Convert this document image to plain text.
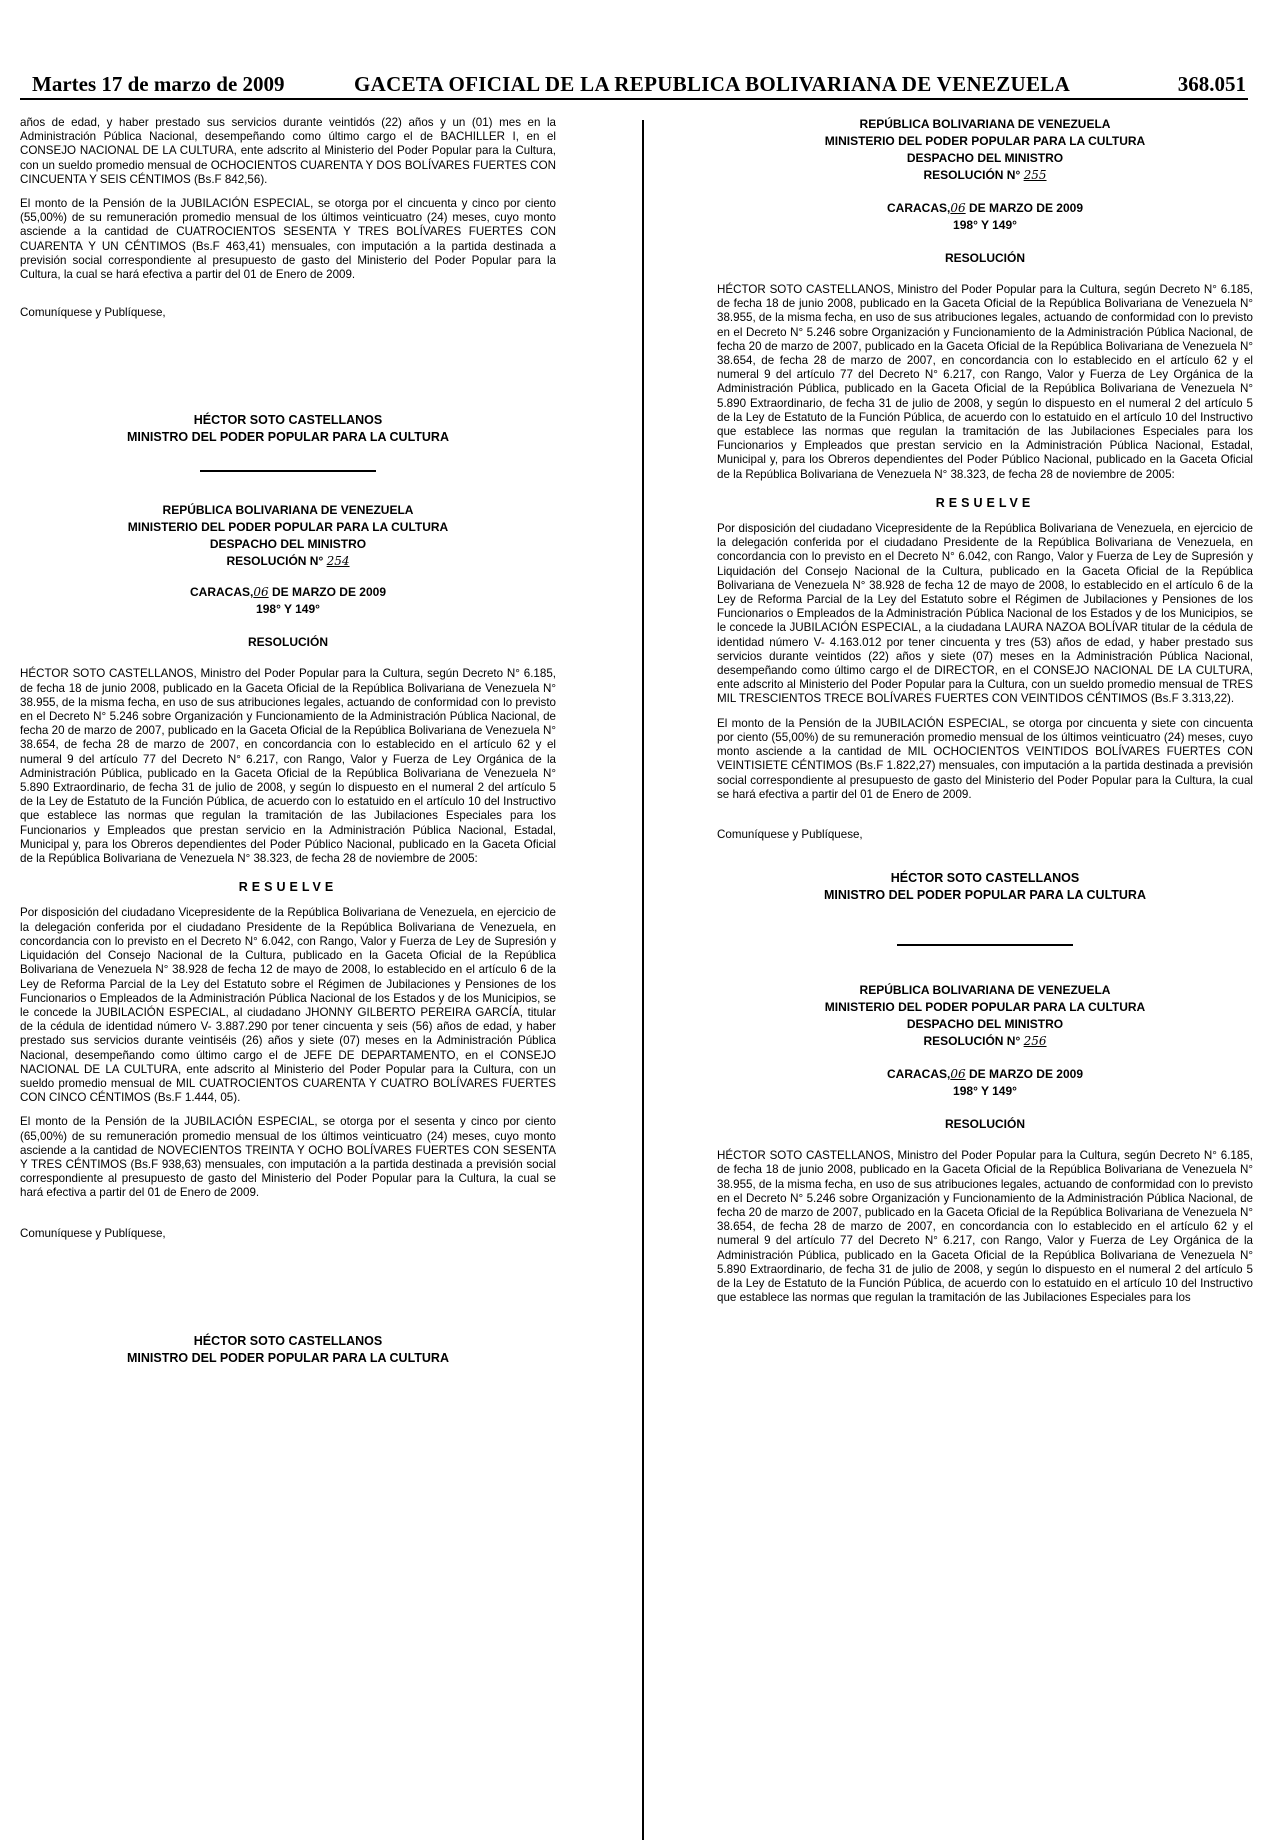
Martes 17 de marzo de 2009	GACETA OFICIAL DE LA REPUBLICA BOLIVARIANA DE VENEZUELA	368.051

años de edad, y haber prestado sus servicios durante veintidós (22) años y un (01) mes en la Administración Pública Nacional, desempeñando como último cargo el de BACHILLER I, en el CONSEJO NACIONAL DE LA CULTURA, ente adscrito al Ministerio del Poder Popular para la Cultura, con un sueldo promedio mensual de OCHOCIENTOS CUARENTA Y DOS BOLÍVARES FUERTES CON CINCUENTA Y SEIS CÉNTIMOS (Bs.F 842,56).

El monto de la Pensión de la JUBILACIÓN ESPECIAL, se otorga por el cincuenta y cinco por ciento (55,00%) de su remuneración promedio mensual de los últimos veinticuatro (24) meses, cuyo monto asciende a la cantidad de CUATROCIENTOS SESENTA Y TRES BOLÍVARES FUERTES CON CUARENTA Y UN CÉNTIMOS (Bs.F 463,41) mensuales, con imputación a la partida destinada a previsión social correspondiente al presupuesto de gasto del Ministerio del Poder Popular para la Cultura, la cual se hará efectiva a partir del 01 de Enero de 2009.

Comuníquese y Publíquese,

HÉCTOR SOTO CASTELLANOS
MINISTRO DEL PODER POPULAR PARA LA CULTURA

REPÚBLICA BOLIVARIANA DE VENEZUELA

MINISTERIO DEL PODER POPULAR PARA LA CULTURA

DESPACHO DEL MINISTRO

RESOLUCIÓN N° 254

CARACAS,06 DE MARZO DE 2009

198° Y 149°

RESOLUCIÓN

HÉCTOR SOTO CASTELLANOS, Ministro del Poder Popular para la Cultura, según Decreto N° 6.185, de fecha 18 de junio 2008, publicado en la Gaceta Oficial de la República Bolivariana de Venezuela N° 38.955, de la misma fecha, en uso de sus atribuciones legales, actuando de conformidad con lo previsto en el Decreto N° 5.246 sobre Organización y Funcionamiento de la Administración Pública Nacional, de fecha 20 de marzo de 2007, publicado en la Gaceta Oficial de la República Bolivariana de Venezuela N° 38.654, de fecha 28 de marzo de 2007, en concordancia con lo establecido en el artículo 62 y el numeral 9 del artículo 77 del Decreto N° 6.217, con Rango, Valor y Fuerza de Ley Orgánica de la Administración Pública, publicado en la Gaceta Oficial de la República Bolivariana de Venezuela N° 5.890 Extraordinario, de fecha 31 de julio de 2008, y según lo dispuesto en el numeral 2 del artículo 5 de la Ley de Estatuto de la Función Pública, de acuerdo con lo estatuido en el artículo 10 del Instructivo que establece las normas que regulan la tramitación de las Jubilaciones Especiales para los Funcionarios y Empleados que prestan servicio en la Administración Pública Nacional, Estadal, Municipal y, para los Obreros dependientes del Poder Público Nacional, publicado en la Gaceta Oficial de la República Bolivariana de Venezuela N° 38.323, de fecha 28 de noviembre de 2005:

RESUELVE

Por disposición del ciudadano Vicepresidente de la República Bolivariana de Venezuela, en ejercicio de la delegación conferida por el ciudadano Presidente de la República Bolivariana de Venezuela, en concordancia con lo previsto en el Decreto N° 6.042, con Rango, Valor y Fuerza de Ley de Supresión y Liquidación del Consejo Nacional de la Cultura, publicado en la Gaceta Oficial de la República Bolivariana de Venezuela N° 38.928 de fecha 12 de mayo de 2008, lo establecido en el artículo 6 de la Ley de Reforma Parcial de la Ley del Estatuto sobre el Régimen de Jubilaciones y Pensiones de los Funcionarios o Empleados de la Administración Pública Nacional de los Estados y de los Municipios, se le concede la JUBILACIÓN ESPECIAL, al ciudadano JHONNY GILBERTO PEREIRA GARCÍA, titular de la cédula de identidad número V- 3.887.290 por tener cincuenta y seis (56) años de edad, y haber prestado sus servicios durante veintiséis (26) años y siete (07) meses en la Administración Pública Nacional, desempeñando como último cargo el de JEFE DE DEPARTAMENTO, en el CONSEJO NACIONAL DE LA CULTURA, ente adscrito al Ministerio del Poder Popular para la Cultura, con un sueldo promedio mensual de MIL CUATROCIENTOS CUARENTA Y CUATRO BOLÍVARES FUERTES CON CINCO CÉNTIMOS (Bs.F 1.444, 05).

El monto de la Pensión de la JUBILACIÓN ESPECIAL, se otorga por el sesenta y cinco por ciento (65,00%) de su remuneración promedio mensual de los últimos veinticuatro (24) meses, cuyo monto asciende a la cantidad de NOVECIENTOS TREINTA Y OCHO BOLÍVARES FUERTES CON SESENTA Y TRES CÉNTIMOS (Bs.F 938,63) mensuales, con imputación a la partida destinada a previsión social correspondiente al presupuesto de gasto del Ministerio del Poder Popular para la Cultura, la cual se hará efectiva a partir del 01 de Enero de 2009.

Comuníquese y Publíquese,

HÉCTOR SOTO CASTELLANOS
MINISTRO DEL PODER POPULAR PARA LA CULTURA

REPÚBLICA BOLIVARIANA DE VENEZUELA

MINISTERIO DEL PODER POPULAR PARA LA CULTURA

DESPACHO DEL MINISTRO

RESOLUCIÓN N° 255

CARACAS,06 DE MARZO DE 2009

198° Y 149°

RESOLUCIÓN

HÉCTOR SOTO CASTELLANOS, Ministro del Poder Popular para la Cultura, según Decreto N° 6.185, de fecha 18 de junio 2008, publicado en la Gaceta Oficial de la República Bolivariana de Venezuela N° 38.955, de la misma fecha, en uso de sus atribuciones legales, actuando de conformidad con lo previsto en el Decreto N° 5.246 sobre Organización y Funcionamiento de la Administración Pública Nacional, de fecha 20 de marzo de 2007, publicado en la Gaceta Oficial de la República Bolivariana de Venezuela N° 38.654, de fecha 28 de marzo de 2007, en concordancia con lo establecido en el artículo 62 y el numeral 9 del artículo 77 del Decreto N° 6.217, con Rango, Valor y Fuerza de Ley Orgánica de la Administración Pública, publicado en la Gaceta Oficial de la República Bolivariana de Venezuela N° 5.890 Extraordinario, de fecha 31 de julio de 2008, y según lo dispuesto en el numeral 2 del artículo 5 de la Ley de Estatuto de la Función Pública, de acuerdo con lo estatuido en el artículo 10 del Instructivo que establece las normas que regulan la tramitación de las Jubilaciones Especiales para los Funcionarios y Empleados que prestan servicio en la Administración Pública Nacional, Estadal, Municipal y, para los Obreros dependientes del Poder Público Nacional, publicado en la Gaceta Oficial de la República Bolivariana de Venezuela N° 38.323, de fecha 28 de noviembre de 2005:

RESUELVE

Por disposición del ciudadano Vicepresidente de la República Bolivariana de Venezuela, en ejercicio de la delegación conferida por el ciudadano Presidente de la República Bolivariana de Venezuela, en concordancia con lo previsto en el Decreto N° 6.042, con Rango, Valor y Fuerza de Ley de Supresión y Liquidación del Consejo Nacional de la Cultura, publicado en la Gaceta Oficial de la República Bolivariana de Venezuela N° 38.928 de fecha 12 de mayo de 2008, lo establecido en el artículo 6 de la Ley de Reforma Parcial de la Ley del Estatuto sobre el Régimen de Jubilaciones y Pensiones de los Funcionarios o Empleados de la Administración Pública Nacional de los Estados y de los Municipios, se le concede la JUBILACIÓN ESPECIAL, a la ciudadana LAURA NAZOA BOLÍVAR titular de la cédula de identidad número V- 4.163.012 por tener cincuenta y tres (53) años de edad, y haber prestado sus servicios durante veintidos (22) años y siete (07) meses en la Administración Pública Nacional, desempeñando como último cargo el de DIRECTOR, en el CONSEJO NACIONAL DE LA CULTURA, ente adscrito al Ministerio del Poder Popular para la Cultura, con un sueldo promedio mensual de TRES MIL TRESCIENTOS TRECE BOLÍVARES FUERTES CON VEINTIDOS CÉNTIMOS (Bs.F 3.313,22).

El monto de la Pensión de la JUBILACIÓN ESPECIAL, se otorga por cincuenta y siete con cincuenta por ciento (55,00%) de su remuneración promedio mensual de los últimos veinticuatro (24) meses, cuyo monto asciende a la cantidad de MIL OCHOCIENTOS VEINTIDOS BOLÍVARES FUERTES CON VEINTISIETE CÉNTIMOS (Bs.F 1.822,27) mensuales, con imputación a la partida destinada a previsión social correspondiente al presupuesto de gasto del Ministerio del Poder Popular para la Cultura, la cual se hará efectiva a partir del 01 de Enero de 2009.

Comuníquese y Publíquese,

HÉCTOR SOTO CASTELLANOS
MINISTRO DEL PODER POPULAR PARA LA CULTURA

REPÚBLICA BOLIVARIANA DE VENEZUELA

MINISTERIO DEL PODER POPULAR PARA LA CULTURA

DESPACHO DEL MINISTRO

RESOLUCIÓN N° 256

CARACAS,06 DE MARZO DE 2009

198° Y 149°

RESOLUCIÓN

HÉCTOR SOTO CASTELLANOS, Ministro del Poder Popular para la Cultura, según Decreto N° 6.185, de fecha 18 de junio 2008, publicado en la Gaceta Oficial de la República Bolivariana de Venezuela N° 38.955, de la misma fecha, en uso de sus atribuciones legales, actuando de conformidad con lo previsto en el Decreto N° 5.246 sobre Organización y Funcionamiento de la Administración Pública Nacional, de fecha 20 de marzo de 2007, publicado en la Gaceta Oficial de la República Bolivariana de Venezuela N° 38.654, de fecha 28 de marzo de 2007, en concordancia con lo establecido en el artículo 62 y el numeral 9 del artículo 77 del Decreto N° 6.217, con Rango, Valor y Fuerza de Ley Orgánica de la Administración Pública, publicado en la Gaceta Oficial de la República Bolivariana de Venezuela N° 5.890 Extraordinario, de fecha 31 de julio de 2008, y según lo dispuesto en el numeral 2 del artículo 5 de la Ley de Estatuto de la Función Pública, de acuerdo con lo estatuido en el artículo 10 del Instructivo que establece las normas que regulan la tramitación de las Jubilaciones Especiales para los
